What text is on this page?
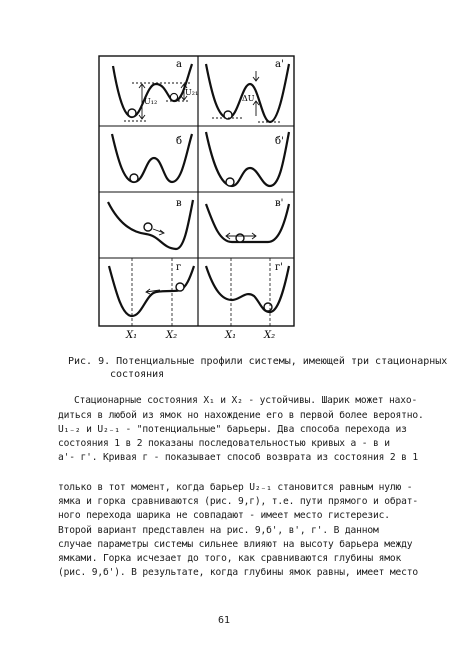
а	а'
б	б'
в	в'
г	г'
U₁₂
U₂₁
ΔU
X₁	X₂	X₁	X₂
Рис. 9. Потенциальные профили системы, имеющей три стационарных
состояния
Стационарные состояния X₁ и X₂ - устойчивы. Шарик может нахо-
диться в любой из ямок но нахождение его в первой более вероятно.
U₁₋₂ и U₂₋₁ - "потенциальные" барьеры. Два способа перехода из
состояния 1 в 2 показаны последовательностью кривых а - в и
а'- г'. Кривая г - показывает способ возврата из состояния 2 в 1
только в тот момент, когда барьер U₂₋₁ становится равным нулю -
ямка и горка сравниваются (рис. 9,г), т.е. пути прямого и обрат-
ного перехода шарика не совпадают - имеет место гистерезис.
Второй вариант представлен на рис. 9,б', в', г'. В данном
случае параметры системы сильнее влияют на высоту барьера между
ямками. Горка исчезает до того, как сравниваются глубины ямок
(рис. 9,б'). В результате, когда глубины ямок равны, имеет место
61
